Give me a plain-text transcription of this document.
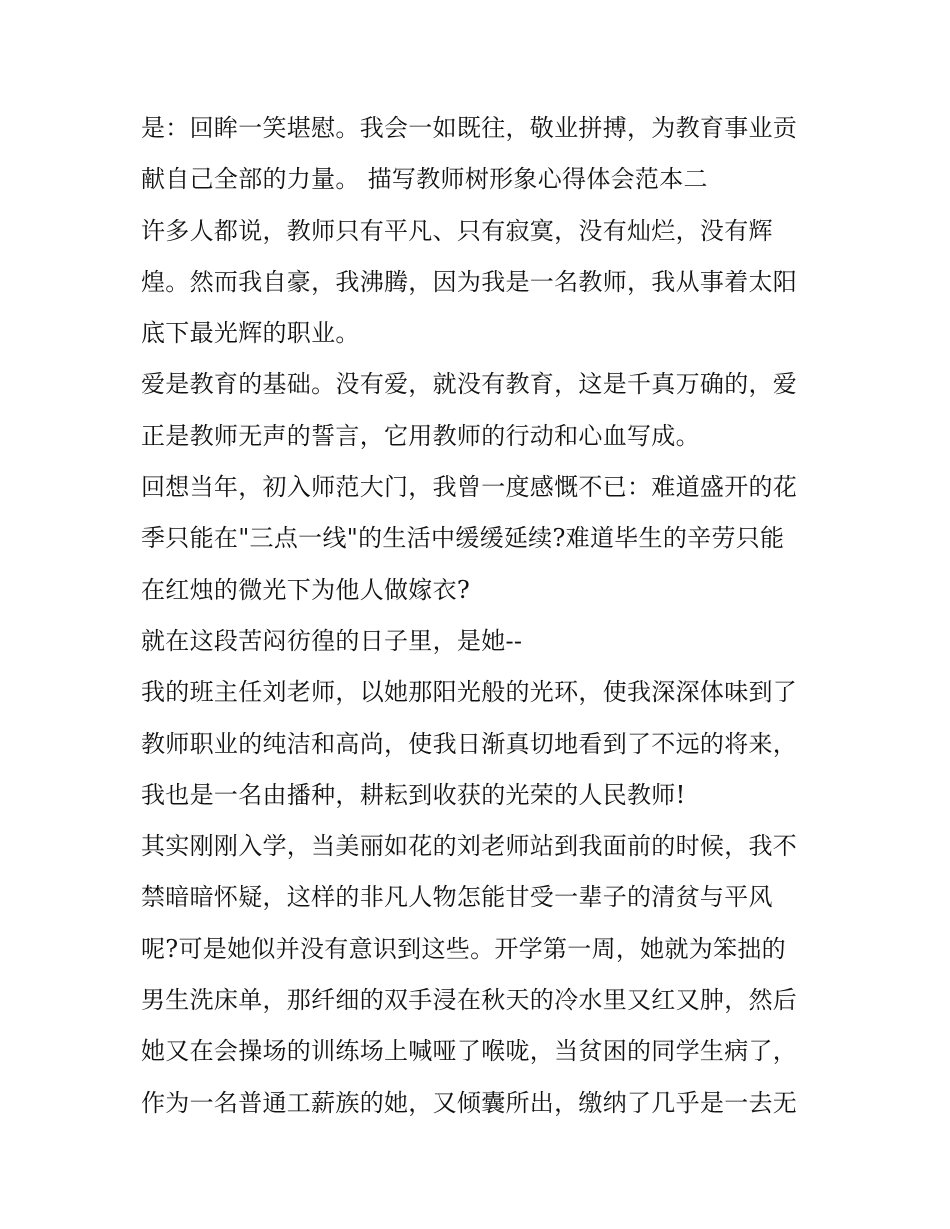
是：回眸一笑堪慰。我会一如既往，敬业拼搏，为教育事业贡
献自己全部的力量。 描写教师树形象心得体会范本二
许多人都说，教师只有平凡、只有寂寞，没有灿烂，没有辉
煌。然而我自豪，我沸腾，因为我是一名教师，我从事着太阳
底下最光辉的职业。
爱是教育的基础。没有爱，就没有教育，这是千真万确的，爱
正是教师无声的誓言，它用教师的行动和心血写成。
回想当年，初入师范大门，我曾一度感慨不已：难道盛开的花
季只能在"三点一线"的生活中缓缓延续?难道毕生的辛劳只能
在红烛的微光下为他人做嫁衣?
就在这段苦闷彷徨的日子里，是她--
我的班主任刘老师，以她那阳光般的光环，使我深深体味到了
教师职业的纯洁和高尚，使我日渐真切地看到了不远的将来，
我也是一名由播种，耕耘到收获的光荣的人民教师!
其实刚刚入学，当美丽如花的刘老师站到我面前的时候，我不
禁暗暗怀疑，这样的非凡人物怎能甘受一辈子的清贫与平风
呢?可是她似并没有意识到这些。开学第一周，她就为笨拙的
男生洗床单，那纤细的双手浸在秋天的冷水里又红又肿，然后
她又在会操场的训练场上喊哑了喉咙，当贫困的同学生病了，
作为一名普通工薪族的她，又倾囊所出，缴纳了几乎是一去无
